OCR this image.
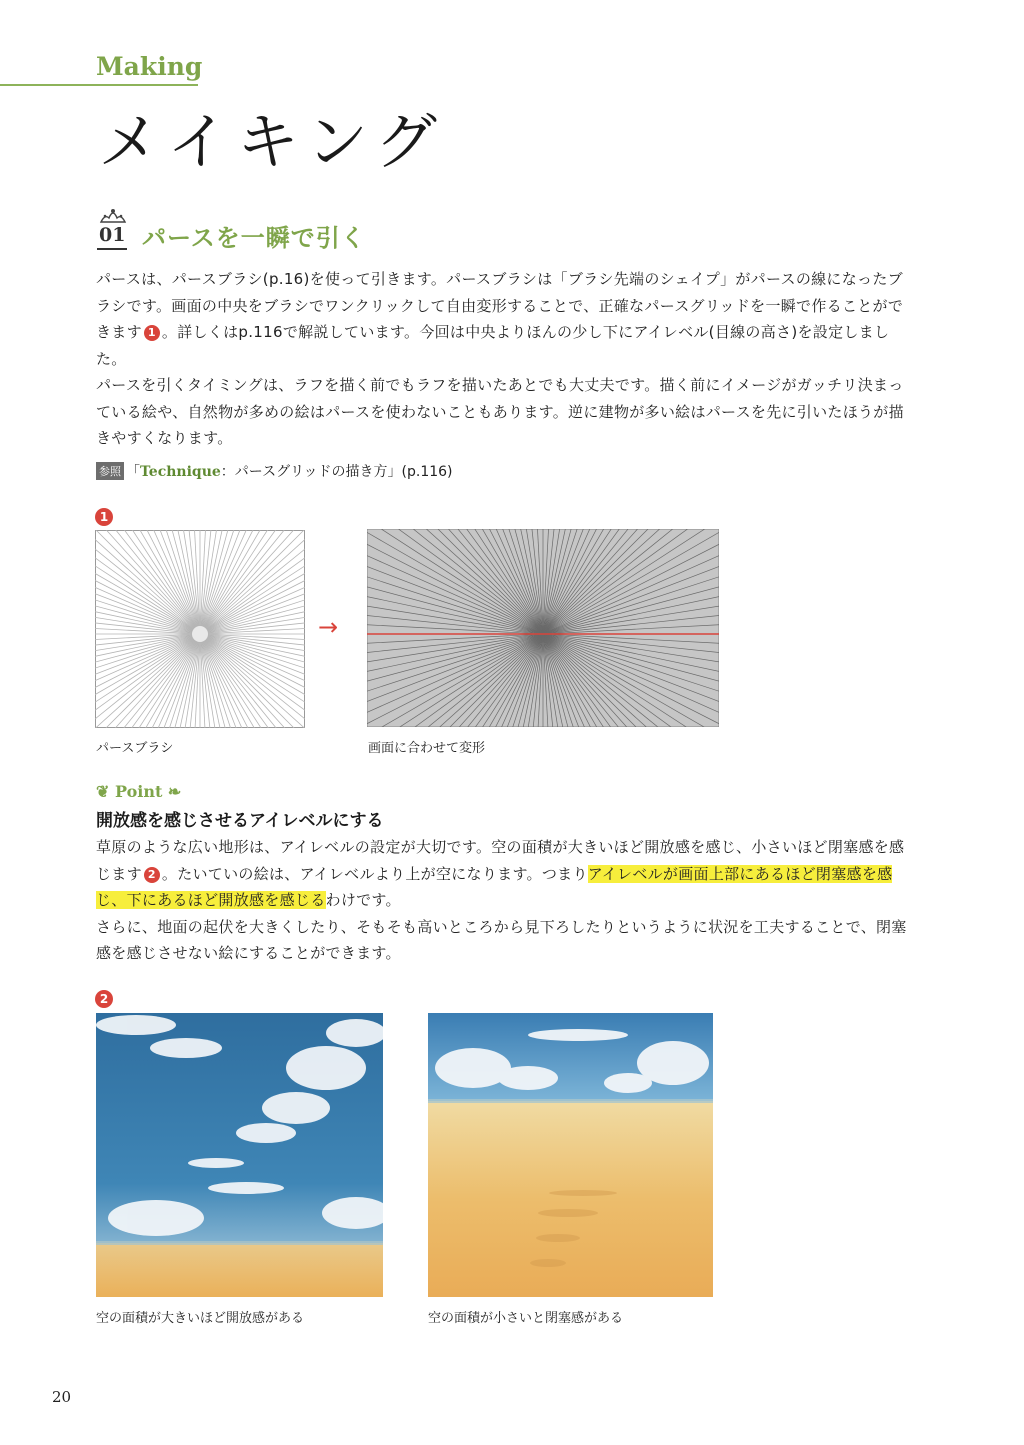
Making
メイキング
01 パースを一瞬で引く
パースは、パースブラシ(p.16)を使って引きます。パースブラシは「ブラシ先端のシェイプ」がパースの線になったブラシです。画面の中央をブラシでワンクリックして自由変形することで、正確なパースグリッドを一瞬で作ることができます 1 。詳しくはp.116で解説しています。今回は中央よりほんの少し下にアイレベル(目線の高さ)を設定しました。
パースを引くタイミングは、ラフを描く前でもラフを描いたあとでも大丈夫です。描く前にイメージがガッチリ決まっている絵や、自然物が多めの絵はパースを使わないこともあります。逆に建物が多い絵はパースを先に引いたほうが描きやすくなります。
参照 「Technique：パースグリッドの描き方」(p.116)
1
→
パースブラシ	画面に合わせて変形
❦ Point ❧
開放感を感じさせるアイレベルにする
草原のような広い地形は、アイレベルの設定が大切です。空の面積が大きいほど開放感を感じ、小さいほど閉塞感を感じます 2 。たいていの絵は、アイレベルより上が空になります。つまりアイレベルが画面上部にあるほど閉塞感を感じ、下にあるほど開放感を感じるわけです。
さらに、地面の起伏を大きくしたり、そもそも高いところから見下ろしたりというように状況を工夫することで、閉塞感を感じさせない絵にすることができます。
2
空の面積が大きいほど開放感がある	空の面積が小さいと閉塞感がある
20
